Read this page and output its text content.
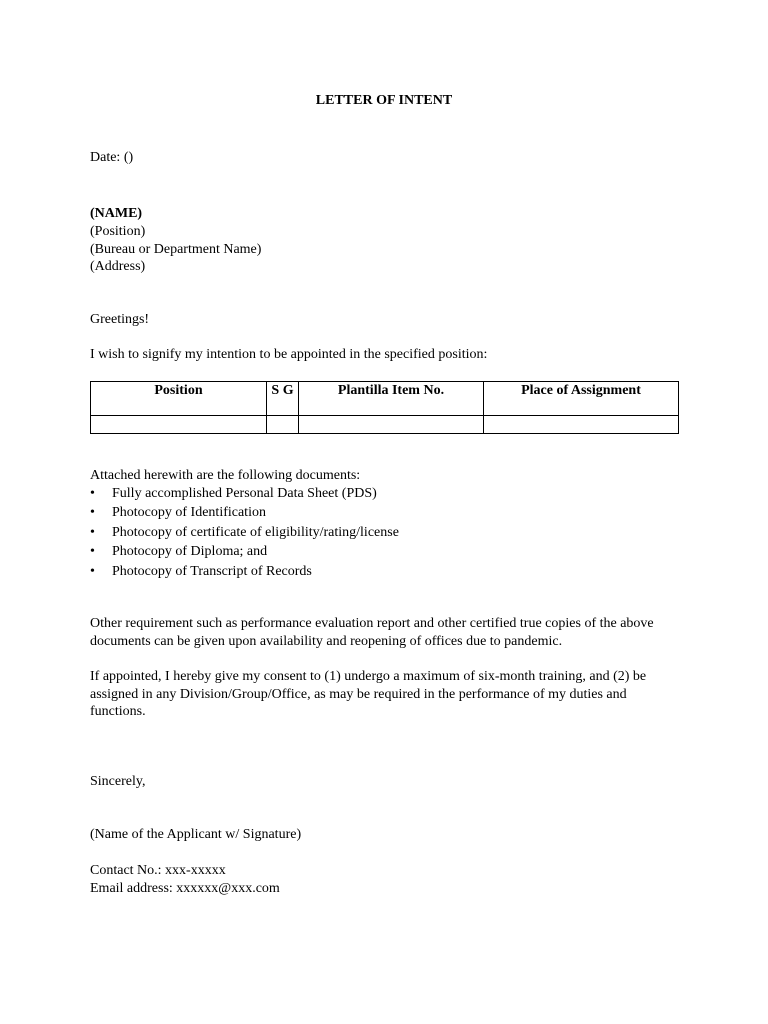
LETTER OF INTENT
Date: ()
(NAME)
(Position)
(Bureau or Department Name)
(Address)
Greetings!
I wish to signify my intention to be appointed in the specified position:
Position	S G	Plantilla Item No.	Place of Assignment

Attached herewith are the following documents:
• Fully accomplished Personal Data Sheet (PDS)
• Photocopy of Identification
• Photocopy of certificate of eligibility/rating/license
• Photocopy of Diploma; and
• Photocopy of Transcript of Records
Other requirement such as performance evaluation report and other certified true copies of the above
documents can be given upon availability and reopening of offices due to pandemic.
If appointed, I hereby give my consent to (1) undergo a maximum of six-month training, and (2) be
assigned in any Division/Group/Office, as may be required in the performance of my duties and
functions.
Sincerely,
(Name of the Applicant w/ Signature)
Contact No.: xxx-xxxxx
Email address: xxxxxx@xxx.com
